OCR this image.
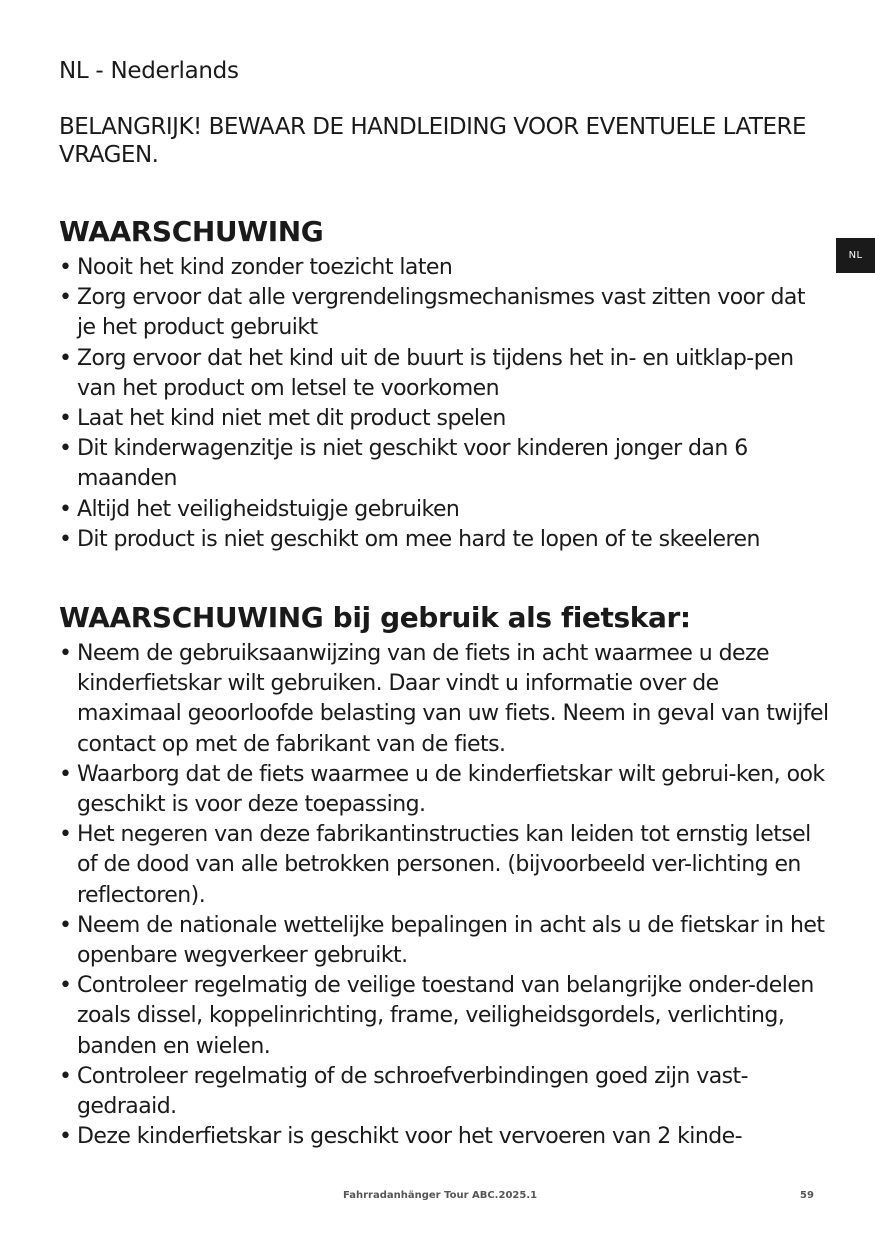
NL - Nederlands

BELANGRIJK! BEWAAR DE HANDLEIDING VOOR EVENTUELE LATERE VRAGEN.

NL
WAARSCHUWING
• Nooit het kind zonder toezicht laten
• Zorg ervoor dat alle vergrendelingsmechanismes vast zitten voor dat je het product gebruikt
• Zorg ervoor dat het kind uit de buurt is tijdens het in- en uitklap-pen van het product om letsel te voorkomen
• Laat het kind niet met dit product spelen
• Dit kinderwagenzitje is niet geschikt voor kinderen jonger dan 6 maanden
• Altijd het veiligheidstuigje gebruiken
• Dit product is niet geschikt om mee hard te lopen of te skeeleren
WAARSCHUWING bij gebruik als fietskar:
• Neem de gebruiksaanwijzing van de fiets in acht waarmee u deze kinderfietskar wilt gebruiken. Daar vindt u informatie over de maximaal geoorloofde belasting van uw fiets. Neem in geval van twijfel contact op met de fabrikant van de fiets.
• Waarborg dat de fiets waarmee u de kinderfietskar wilt gebrui-ken, ook geschikt is voor deze toepassing.
• Het negeren van deze fabrikantinstructies kan leiden tot ernstig letsel of de dood van alle betrokken personen. (bijvoorbeeld ver-lichting en reflectoren).
• Neem de nationale wettelijke bepalingen in acht als u de fietskar in het openbare wegverkeer gebruikt.
• Controleer regelmatig de veilige toestand van belangrijke onder-delen zoals dissel, koppelinrichting, frame, veiligheidsgordels, verlichting, banden en wielen.
• Controleer regelmatig of de schroefverbindingen goed zijn vast-gedraaid.
• Deze kinderfietskar is geschikt voor het vervoeren van 2 kinde-
Fahrradanhänger Tour ABC.2025.1	59
